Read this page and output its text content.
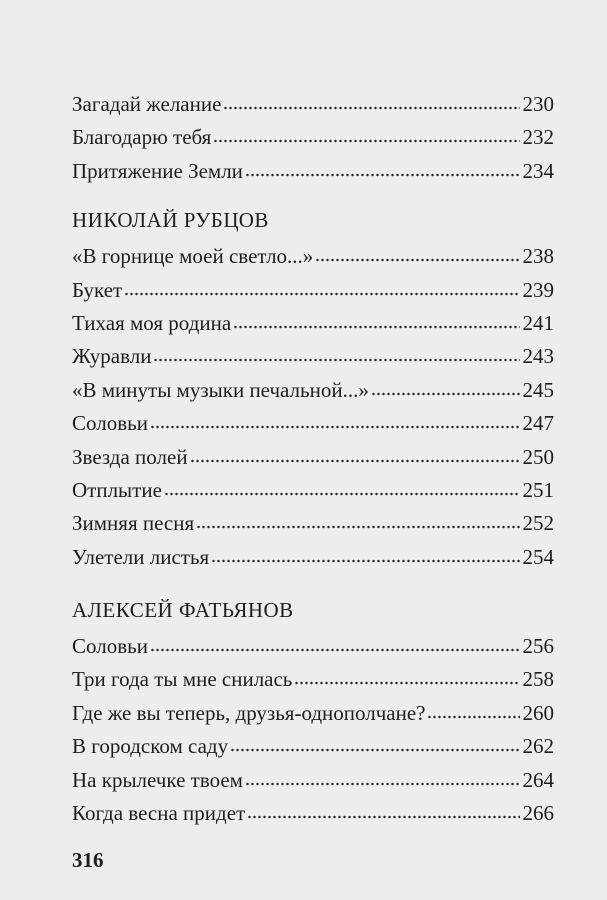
Загадай желание	230
Благодарю тебя	232
Притяжение Земли	234
НИКОЛАЙ РУБЦОВ
«В горнице моей светло...»	238
Букет	239
Тихая моя родина	241
Журавли	243
«В минуты музыки печальной...»	245
Соловьи	247
Звезда полей	250
Отплытие	251
Зимняя песня	252
Улетели листья	254
АЛЕКСЕЙ ФАТЬЯНОВ
Соловьи	256
Три года ты мне снилась	258
Где же вы теперь, друзья-однополчане?	260
В городском саду	262
На крылечке твоем	264
Когда весна придет	266
316
